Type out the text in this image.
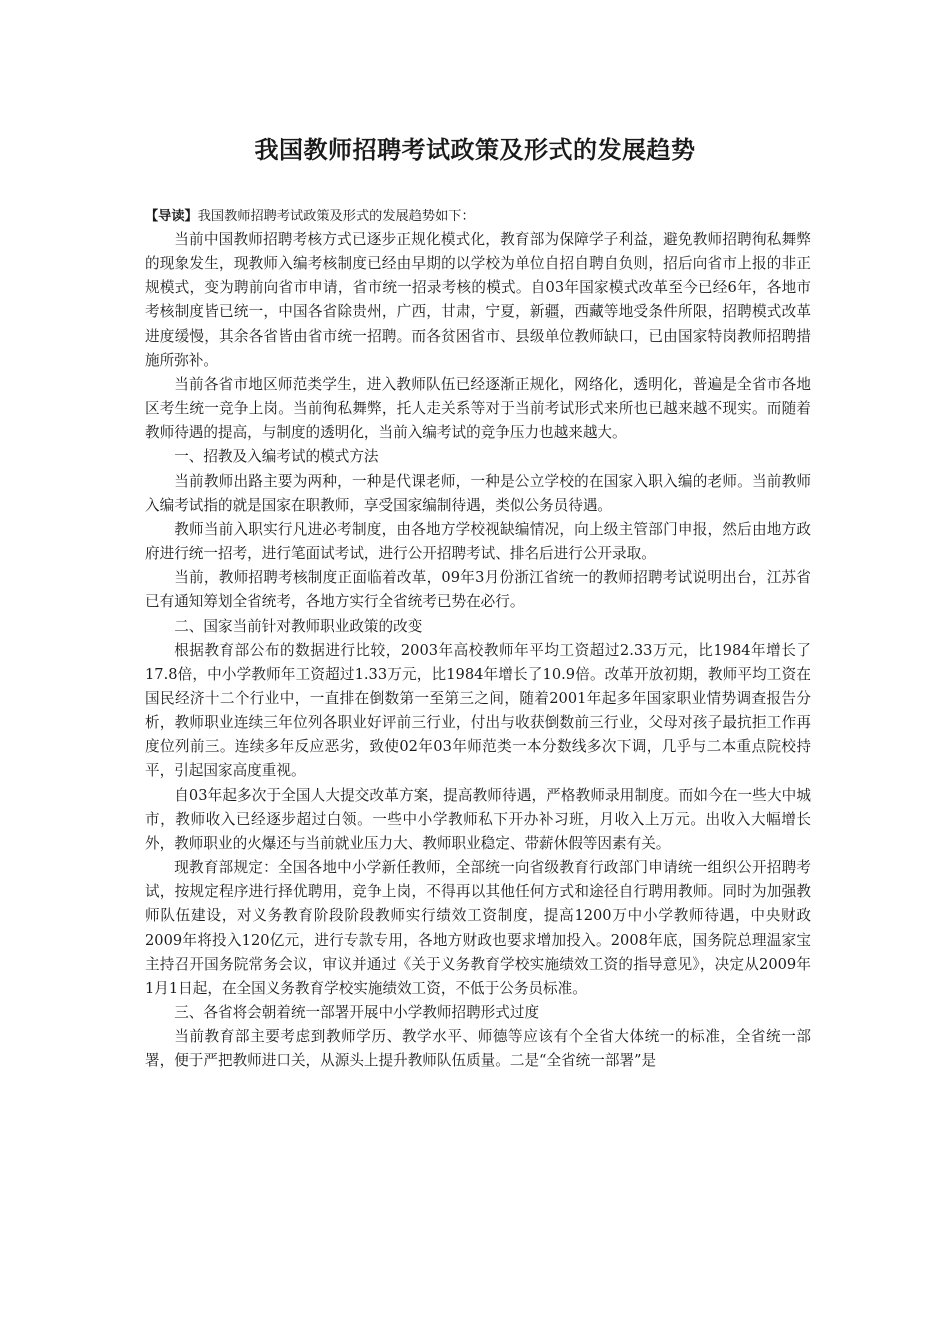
我国教师招聘考试政策及形式的发展趋势

【导读】我国教师招聘考试政策及形式的发展趋势如下：

当前中国教师招聘考核方式已逐步正规化模式化，教育部为保障学子利益，避免教师招聘徇私舞弊的现象发生，现教师入编考核制度已经由早期的以学校为单位自招自聘自负则，招后向省市上报的非正规模式，变为聘前向省市申请，省市统一招录考核的模式。自03年国家模式改革至今已经6年，各地市考核制度皆已统一，中国各省除贵州，广西，甘肃，宁夏，新疆，西藏等地受条件所限，招聘模式改革进度缓慢，其余各省皆由省市统一招聘。而各贫困省市、县级单位教师缺口，已由国家特岗教师招聘措施所弥补。

当前各省市地区师范类学生，进入教师队伍已经逐渐正规化，网络化，透明化，普遍是全省市各地区考生统一竞争上岗。当前徇私舞弊，托人走关系等对于当前考试形式来所也已越来越不现实。而随着教师待遇的提高，与制度的透明化，当前入编考试的竞争压力也越来越大。

一、招教及入编考试的模式方法

当前教师出路主要为两种，一种是代课老师，一种是公立学校的在国家入职入编的老师。当前教师入编考试指的就是国家在职教师，享受国家编制待遇，类似公务员待遇。

教师当前入职实行凡进必考制度，由各地方学校视缺编情况，向上级主管部门申报，然后由地方政府进行统一招考，进行笔面试考试，进行公开招聘考试、排名后进行公开录取。

当前，教师招聘考核制度正面临着改革，09年3月份浙江省统一的教师招聘考试说明出台，江苏省已有通知筹划全省统考，各地方实行全省统考已势在必行。

二、国家当前针对教师职业政策的改变

根据教育部公布的数据进行比较，2003年高校教师年平均工资超过2.33万元，比1984年增长了17.8倍，中小学教师年工资超过1.33万元，比1984年增长了10.9倍。改革开放初期，教师平均工资在国民经济十二个行业中，一直排在倒数第一至第三之间，随着2001年起多年国家职业情势调查报告分析，教师职业连续三年位列各职业好评前三行业，付出与收获倒数前三行业，父母对孩子最抗拒工作再度位列前三。连续多年反应恶劣，致使02年03年师范类一本分数线多次下调，几乎与二本重点院校持平，引起国家高度重视。

自03年起多次于全国人大提交改革方案，提高教师待遇，严格教师录用制度。而如今在一些大中城市，教师收入已经逐步超过白领。一些中小学教师私下开办补习班，月收入上万元。出收入大幅增长外，教师职业的火爆还与当前就业压力大、教师职业稳定、带薪休假等因素有关。

现教育部规定：全国各地中小学新任教师，全部统一向省级教育行政部门申请统一组织公开招聘考试，按规定程序进行择优聘用，竞争上岗，不得再以其他任何方式和途径自行聘用教师。同时为加强教师队伍建设，对义务教育阶段阶段教师实行绩效工资制度，提高1200万中小学教师待遇，中央财政2009年将投入120亿元，进行专款专用，各地方财政也要求增加投入。2008年底，国务院总理温家宝主持召开国务院常务会议，审议并通过《关于义务教育学校实施绩效工资的指导意见》，决定从2009年1月1日起，在全国义务教育学校实施绩效工资，不低于公务员标准。

三、各省将会朝着统一部署开展中小学教师招聘形式过度

当前教育部主要考虑到教师学历、教学水平、师德等应该有个全省大体统一的标准，全省统一部署，便于严把教师进口关，从源头上提升教师队伍质量。二是“全省统一部署”是
